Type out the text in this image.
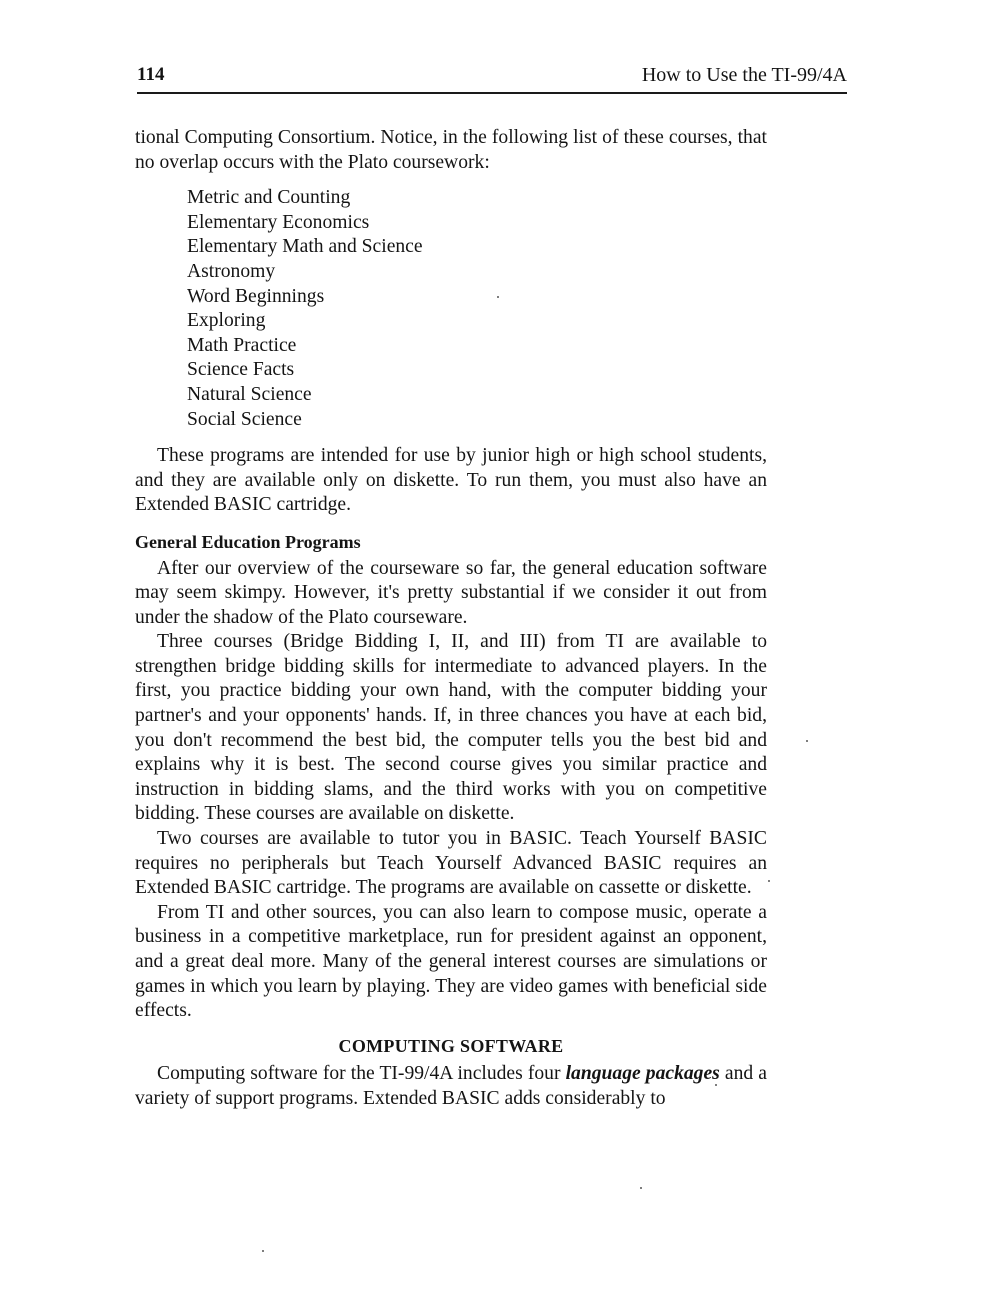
114	How to Use the TI-99/4A

tional Computing Consortium. Notice, in the following list of these courses, that no overlap occurs with the Plato coursework:

Metric and Counting
Elementary Economics
Elementary Math and Science
Astronomy
Word Beginnings
Exploring
Math Practice
Science Facts
Natural Science
Social Science

These programs are intended for use by junior high or high school students, and they are available only on diskette. To run them, you must also have an Extended BASIC cartridge.

General Education Programs

After our overview of the courseware so far, the general education software may seem skimpy. However, it's pretty substantial if we consider it out from under the shadow of the Plato courseware.

Three courses (Bridge Bidding I, II, and III) from TI are available to strengthen bridge bidding skills for intermediate to advanced players. In the first, you practice bidding your own hand, with the computer bidding your partner's and your opponents' hands. If, in three chances you have at each bid, you don't recommend the best bid, the computer tells you the best bid and explains why it is best. The second course gives you similar practice and instruction in bidding slams, and the third works with you on competitive bidding. These courses are available on diskette.

Two courses are available to tutor you in BASIC. Teach Yourself BASIC requires no peripherals but Teach Yourself Advanced BASIC requires an Extended BASIC cartridge. The programs are available on cassette or diskette.

From TI and other sources, you can also learn to compose music, operate a business in a competitive marketplace, run for president against an opponent, and a great deal more. Many of the general interest courses are simulations or games in which you learn by playing. They are video games with beneficial side effects.

COMPUTING SOFTWARE

Computing software for the TI-99/4A includes four language packages and a variety of support programs. Extended BASIC adds considerably to
